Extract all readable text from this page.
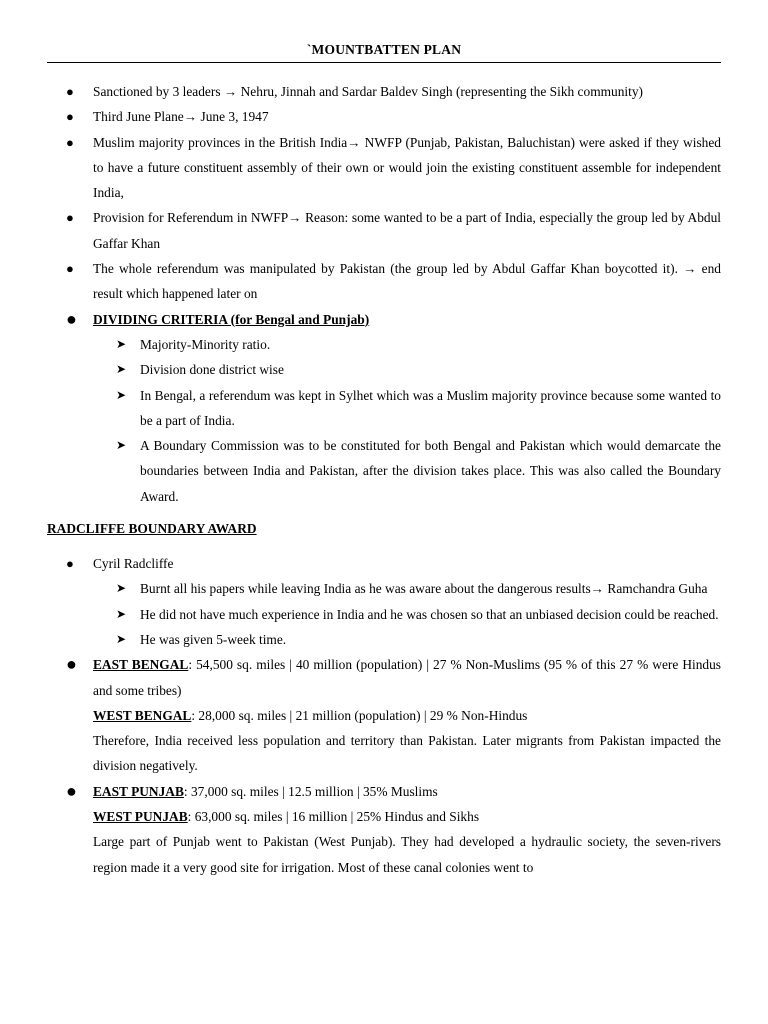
`MOUNTBATTEN PLAN
● Sanctioned by 3 leaders → Nehru, Jinnah and Sardar Baldev Singh (representing the Sikh community)
● Third June Plane→ June 3, 1947
● Muslim majority provinces in the British India→ NWFP (Punjab, Pakistan, Baluchistan) were asked if they wished to have a future constituent assembly of their own or would join the existing constituent assemble for independent India,
● Provision for Referendum in NWFP→ Reason: some wanted to be a part of India, especially the group led by Abdul Gaffar Khan
● The whole referendum was manipulated by Pakistan (the group led by Abdul Gaffar Khan boycotted it). → end result which happened later on
● DIVIDING CRITERIA (for Bengal and Punjab)
➤ Majority-Minority ratio.
➤ Division done district wise
➤ In Bengal, a referendum was kept in Sylhet which was a Muslim majority province because some wanted to be a part of India.
➤ A Boundary Commission was to be constituted for both Bengal and Pakistan which would demarcate the boundaries between India and Pakistan, after the division takes place. This was also called the Boundary Award.
RADCLIFFE BOUNDARY AWARD
● Cyril Radcliffe
➤ Burnt all his papers while leaving India as he was aware about the dangerous results→ Ramchandra Guha
➤ He did not have much experience in India and he was chosen so that an unbiased decision could be reached.
➤ He was given 5-week time.
● EAST BENGAL: 54,500 sq. miles | 40 million (population) | 27 % Non-Muslims (95 % of this 27 % were Hindus and some tribes)
WEST BENGAL: 28,000 sq. miles | 21 million (population) | 29 % Non-Hindus
Therefore, India received less population and territory than Pakistan. Later migrants from Pakistan impacted the division negatively.
● EAST PUNJAB: 37,000 sq. miles | 12.5 million | 35% Muslims
WEST PUNJAB: 63,000 sq. miles | 16 million | 25% Hindus and Sikhs
Large part of Punjab went to Pakistan (West Punjab). They had developed a hydraulic society, the seven-rivers region made it a very good site for irrigation. Most of these canal colonies went to
